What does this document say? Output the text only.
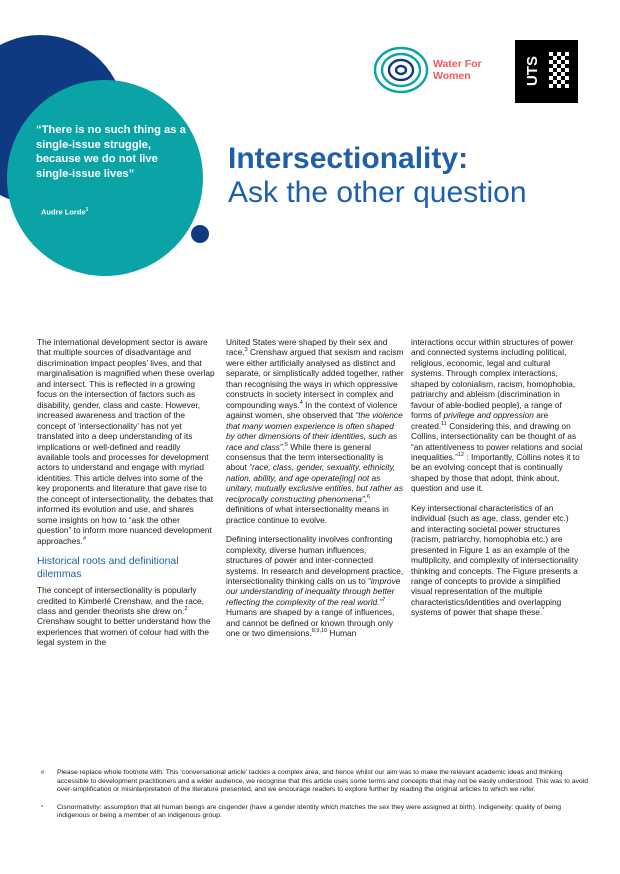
“There is no such thing as a single-issue struggle, because we do not live single-issue lives”
Audre Lorde$^1$
Water For Women	UTS
Intersectionality:
Ask the other question

The international development sector is aware that multiple sources of disadvantage and discrimination impact peoples’ lives, and that marginalisation is magnified when these overlap and intersect. This is reflected in a growing focus on the intersection of factors such as disability, gender, class and caste. However, increased awareness and traction of the concept of ‘intersectionality’ has not yet translated into a deep understanding of its implications or well-defined and readily available tools and processes for development actors to understand and engage with myriad identities. This article delves into some of the key proponents and literature that gave rise to the concept of intersectionality, the debates that informed its evolution and use, and shares some insights on how to “ask the other question” to inform more nuanced development approaches.#

Historical roots and definitional dilemmas

The concept of intersectionality is popularly credited to Kimberlé Crenshaw, and the race, class and gender theorists she drew on.$^2$ Crenshaw sought to better understand how the experiences that women of colour had with the legal system in the

United States were shaped by their sex and race.$^3$ Crenshaw argued that sexism and racism were either artificially analysed as distinct and separate, or simplistically added together, rather than recognising the ways in which oppressive constructs in society intersect in complex and compounding ways.$^4$ In the context of violence against women, she observed that “the violence that many women experience is often shaped by other dimensions of their identities, such as race and class”.$^5$ While there is general consensus that the term intersectionality is about “race, class, gender, sexuality, ethnicity, nation, ability, and age operate[ing] not as unitary, mutually exclusive entities, but rather as reciprocally constructing phenomena”,$^6$ definitions of what intersectionality means in practice continue to evolve.

Defining intersectionality involves confronting complexity, diverse human influences, structures of power and inter-connected systems. In research and development practice, intersectionality thinking calls on us to “improve our understanding of inequality through better reflecting the complexity of the real world.”$^7$ Humans are shaped by a range of influences, and cannot be defined or known through only one or two dimensions.$^{8,9,10}$ Human

interactions occur within structures of power and connected systems including political, religious, economic, legal and cultural systems. Through complex interactions, shaped by colonialism, racism, homophobia, patriarchy and ableism (discrimination in favour of able-bodied people), a range of forms of privilege and oppression are created.$^{11}$ Considering this, and drawing on Collins, intersectionality can be thought of as “an attentiveness to power relations and social inequalities.”$^{12}$ : Importantly, Collins notes it to be an evolving concept that is continually shaped by those that adopt, think about, question and use it.

Key intersectional characteristics of an individual (such as age, class, gender etc.) and interacting societal power structures (racism, patriarchy, homophobia etc.) are presented in Figure 1 as an example of the multiplicity, and complexity of intersectionality thinking and concepts. The Figure presents a range of concepts to provide a simplified visual representation of the multiple characteristics/identities and overlapping systems of power that shape these.*

# Please replace whole footnote with: This ‘conversational article’ tackles a complex area, and hence whilst our aim was to make the relevant academic ideas and thinking accessible to development practitioners and a wider audience, we recognise that this article uses some terms and concepts that may not be easily understood. This was to avoid over-simplification or misinterpretation of the literature presented, and we encourage readers to explore further by reading the original articles to which we refer.
* Cisnormativity: assumption that all human beings are cisgender (have a gender identity which matches the sex they were assigned at birth). Indigeneity: quality of being indigenous or being a member of an indigenous group.
